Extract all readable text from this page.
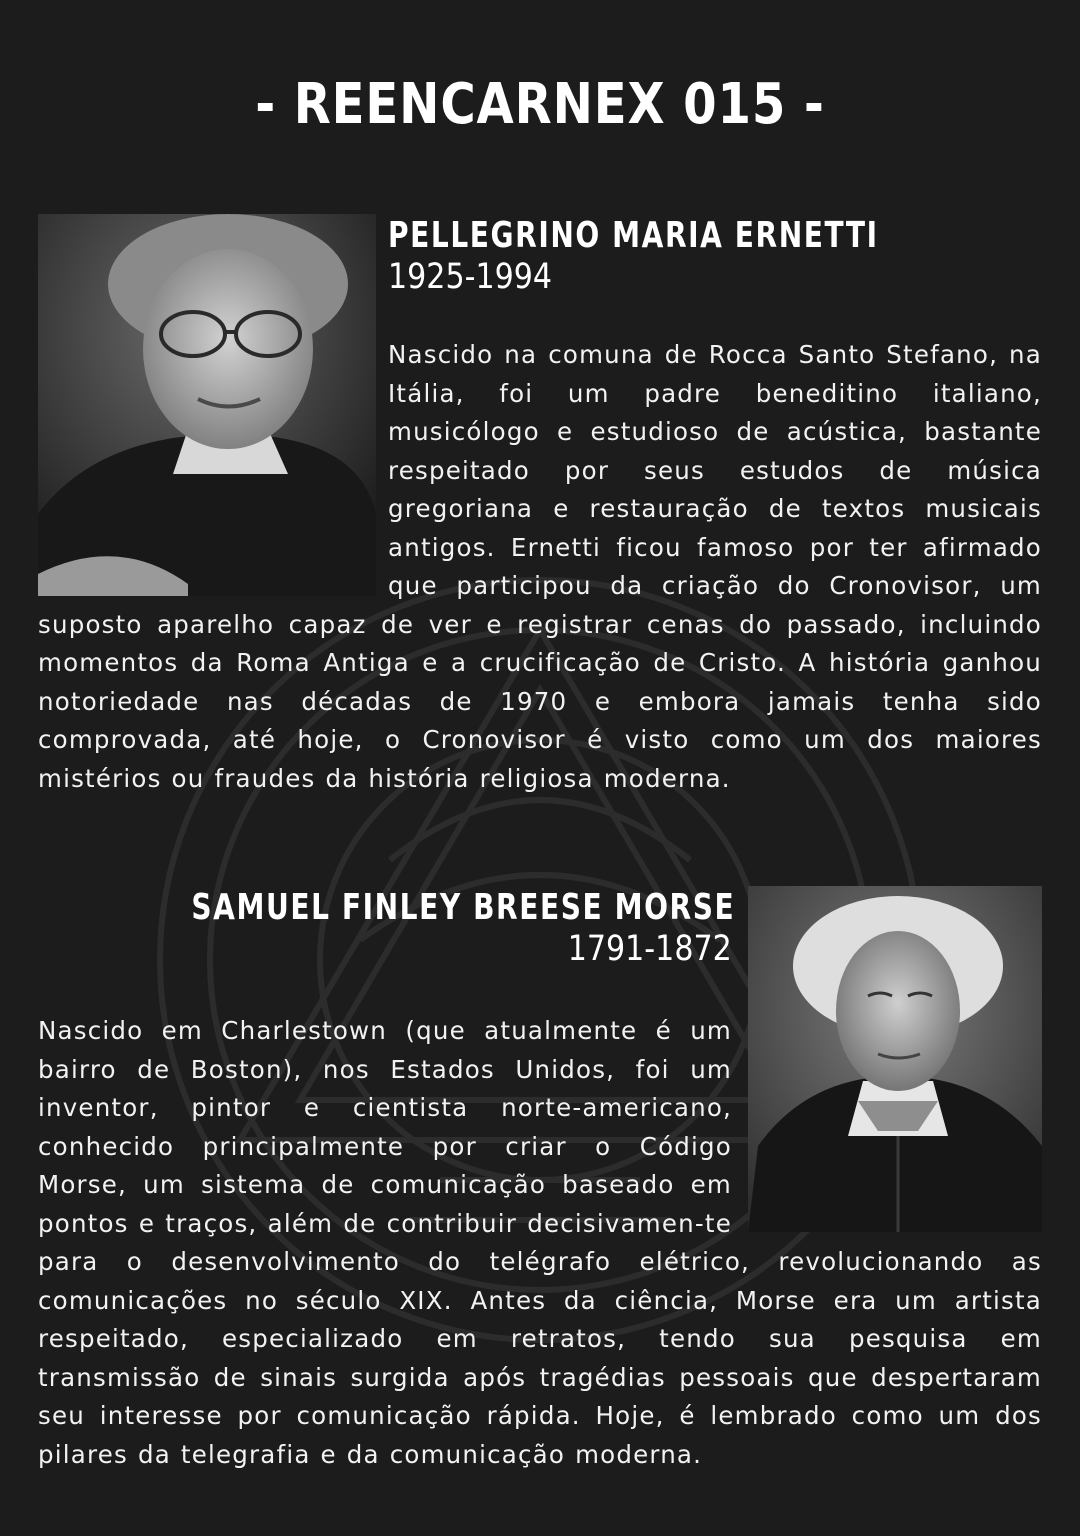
- REENCARNEX 015 -
PELLEGRINO MARIA ERNETTI

1925-1994

Nascido na comuna de Rocca Santo Stefano, na Itália, foi um padre beneditino italiano, musicólogo e estudioso de acústica, bastante respeitado por seus estudos de música gregoriana e restauração de textos musicais antigos. Ernetti ficou famoso por ter afirmado que participou da criação do Cronovisor, um suposto aparelho capaz de ver e registrar cenas do passado, incluindo momentos da Roma Antiga e a crucificação de Cristo. A história ganhou notoriedade nas décadas de 1970 e embora jamais tenha sido comprovada, até hoje, o Cronovisor é visto como um dos maiores mistérios ou fraudes da história religiosa moderna.

SAMUEL FINLEY BREESE MORSE

1791-1872

Nascido em Charlestown (que atualmente é um bairro de Boston), nos Estados Unidos, foi um inventor, pintor e cientista norte-americano, conhecido principalmente por criar o Código Morse, um sistema de comunicação baseado em pontos e traços, além de contribuir decisivamen-te para o desenvolvimento do telégrafo elétrico, revolucionando as comunicações no século XIX. Antes da ciência, Morse era um artista respeitado, especializado em retratos, tendo sua pesquisa em transmissão de sinais surgida após tragédias pessoais que despertaram seu interesse por comunicação rápida. Hoje, é lembrado como um dos pilares da telegrafia e da comunicação moderna.
